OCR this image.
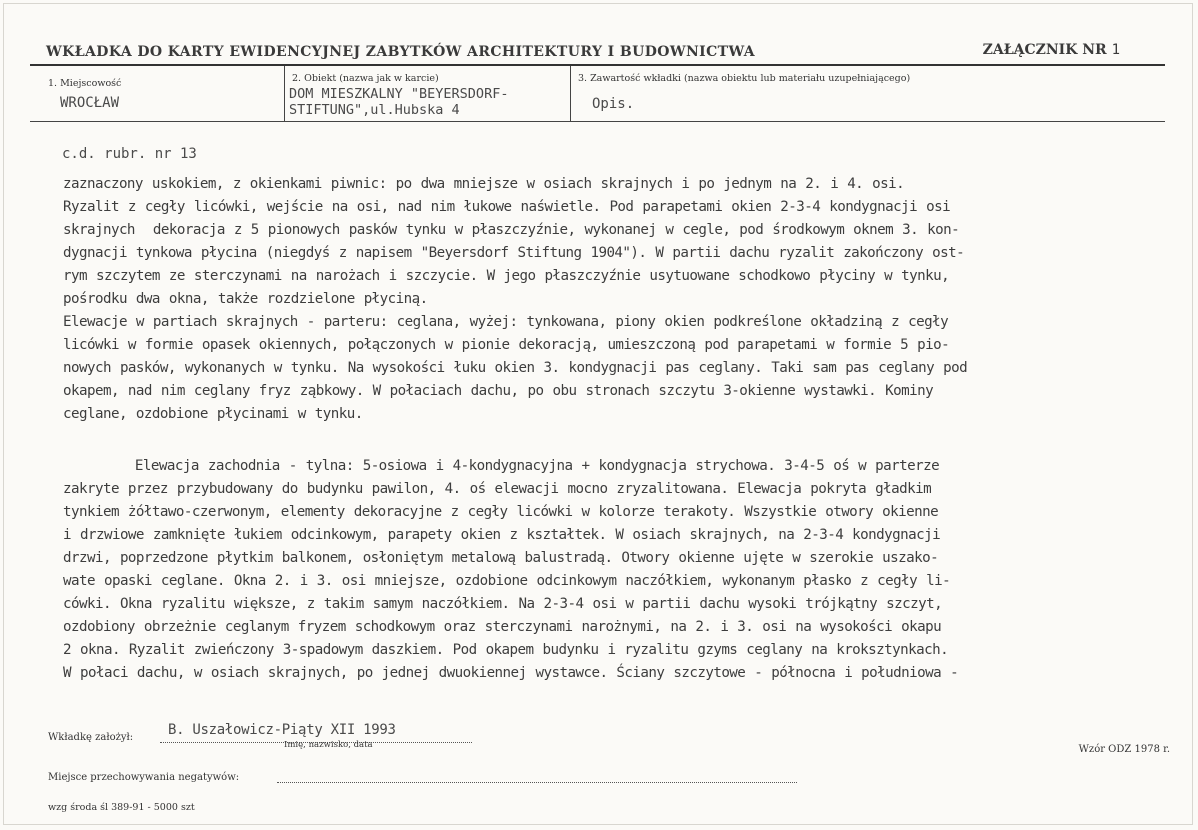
WKŁADKA DO KARTY EWIDENCYJNEJ ZABYTKÓW ARCHITEKTURY I BUDOWNICTWA	ZAŁĄCZNIK NR 1
1. Miejscowość
WROCŁAW
2. Obiekt (nazwa jak w karcie)
DOM MIESZKALNY "BEYERSDORF-
STIFTUNG",ul.Hubska 4
3. Zawartość wkładki (nazwa obiektu lub materiału uzupełniającego)
Opis.
c.d. rubr. nr 13
zaznaczony uskokiem, z okienkami piwnic: po dwa mniejsze w osiach skrajnych i po jednym na 2. i 4. osi.
Ryzalit z cegły licówki, wejście na osi, nad nim łukowe naświetle. Pod parapetami okien 2-3-4 kondygnacji osi
skrajnych  dekoracja z 5 pionowych pasków tynku w płaszczyźnie, wykonanej w cegle, pod środkowym oknem 3. kon-
dygnacji tynkowa płycina (niegdyś z napisem "Beyersdorf Stiftung 1904"). W partii dachu ryzalit zakończony ost-
rym szczytem ze sterczynami na narożach i szczycie. W jego płaszczyźnie usytuowane schodkowo płyciny w tynku,
pośrodku dwa okna, także rozdzielone płyciną.
Elewacje w partiach skrajnych - parteru: ceglana, wyżej: tynkowana, piony okien podkreślone okładziną z cegły
licówki w formie opasek okiennych, połączonych w pionie dekoracją, umieszczoną pod parapetami w formie 5 pio-
nowych pasków, wykonanych w tynku. Na wysokości łuku okien 3. kondygnacji pas ceglany. Taki sam pas ceglany pod
okapem, nad nim ceglany fryz ząbkowy. W połaciach dachu, po obu stronach szczytu 3-okienne wystawki. Kominy
ceglane, ozdobione płycinami w tynku.
Elewacja zachodnia - tylna: 5-osiowa i 4-kondygnacyjna + kondygnacja strychowa. 3-4-5 oś w parterze
zakryte przez przybudowany do budynku pawilon, 4. oś elewacji mocno zryzalitowana. Elewacja pokryta gładkim
tynkiem żółtawo-czerwonym, elementy dekoracyjne z cegły licówki w kolorze terakoty. Wszystkie otwory okienne
i drzwiowe zamknięte łukiem odcinkowym, parapety okien z kształtek. W osiach skrajnych, na 2-3-4 kondygnacji
drzwi, poprzedzone płytkim balkonem, osłoniętym metalową balustradą. Otwory okienne ujęte w szerokie uszako-
wate opaski ceglane. Okna 2. i 3. osi mniejsze, ozdobione odcinkowym naczółkiem, wykonanym płasko z cegły li-
cówki. Okna ryzalitu większe, z takim samym naczółkiem. Na 2-3-4 osi w partii dachu wysoki trójkątny szczyt,
ozdobiony obrzeżnie ceglanym fryzem schodkowym oraz sterczynami narożnymi, na 2. i 3. osi na wysokości okapu
2 okna. Ryzalit zwieńczony 3-spadowym daszkiem. Pod okapem budynku i ryzalitu gzyms ceglany na kroksztynkach.
W połaci dachu, w osiach skrajnych, po jednej dwuokiennej wystawce. Ściany szczytowe - północna i południowa -
Wkładkę założył: B. Uszałowicz-Piąty XII 1993
Imię, nazwisko, data	Wzór ODZ 1978 r.
Miejsce przechowywania negatywów:
wzg środa śl 389-91 - 5000 szt
